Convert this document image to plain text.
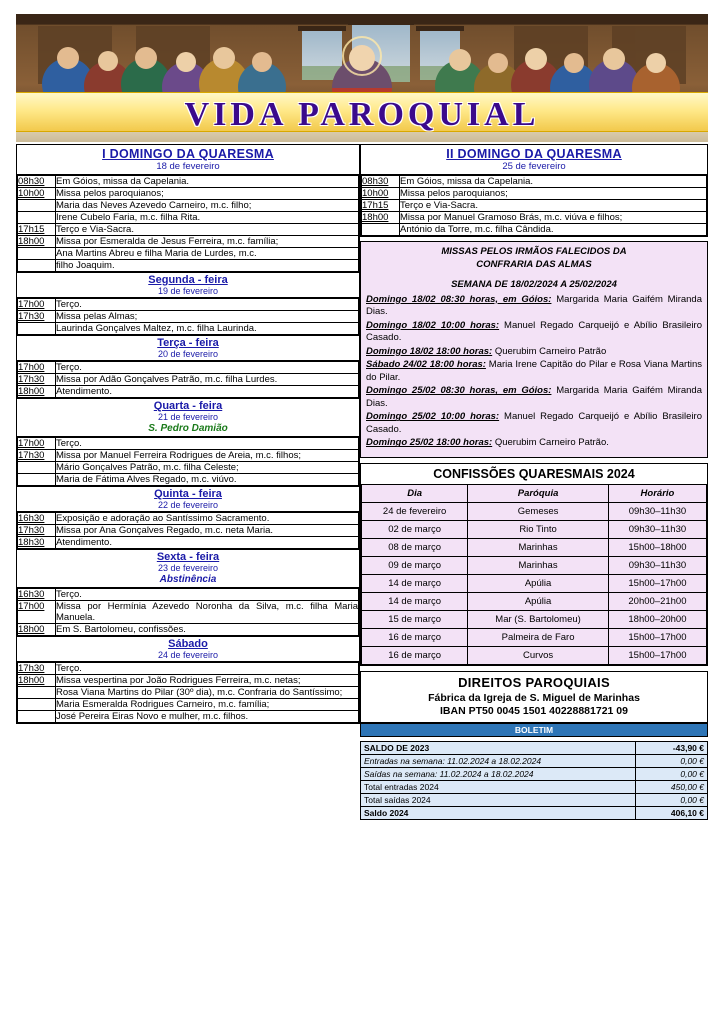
VIDA PAROQUIAL
I DOMINGO DA QUARESMA
18 de fevereiro

08h30	Em Góios, missa da Capelania.
10h00	Missa pelos paroquianos;
	Maria das Neves Azevedo Carneiro, m.c. filho;
	Irene Cubelo Faria, m.c. filha Rita.
17h15	Terço e Via-Sacra.
18h00	Missa por Esmeralda de Jesus Ferreira, m.c. família;
	Ana Martins Abreu e filha Maria de Lurdes, m.c.
	filho Joaquim.

Segunda - feira
19 de fevereiro

17h00	Terço.
17h30	Missa pelas Almas;
	Laurinda Gonçalves Maltez, m.c. filha Laurinda.

Terça - feira
20 de fevereiro

17h00	Terço.
17h30	Missa por Adão Gonçalves Patrão, m.c. filha Lurdes.
18h00	Atendimento.

Quarta - feira
21 de fevereiro
S. Pedro Damião

17h00	Terço.
17h30	Missa por Manuel Ferreira Rodrigues de Areia, m.c. filhos;
	Mário Gonçalves Patrão, m.c. filha Celeste;
	Maria de Fátima Alves Regado, m.c. viúvo.

Quinta - feira
22 de fevereiro

16h30	Exposição e adoração ao Santíssimo Sacramento.
17h30	Missa por Ana Gonçalves Regado, m.c. neta Maria.
18h30	Atendimento.

Sexta - feira
23 de fevereiro
Abstinência

16h30	Terço.
17h00	Missa por Hermínia Azevedo Noronha da Silva, m.c. filha Maria Manuela.
18h00	Em S. Bartolomeu, confissões.

Sábado
24 de fevereiro

17h30	Terço.
18h00	Missa vespertina por João Rodrigues Ferreira, m.c. netas;
	Rosa Viana Martins do Pilar (30º dia), m.c. Confraria do Santíssimo;
	Maria Esmeralda Rodrigues Carneiro, m.c. família;
	José Pereira Eiras Novo e mulher, m.c. filhos.
II DOMINGO DA QUARESMA
25 de fevereiro

08h30	Em Góios, missa da Capelania.
10h00	Missa pelos paroquianos;
17h15	Terço e Via-Sacra.
18h00	Missa por Manuel Gramoso Brás, m.c. viúva e filhos;
	António da Torre, m.c. filha Cândida.
MISSAS PELOS IRMÃOS FALECIDOS DA
CONFRARIA DAS ALMAS
SEMANA DE 18/02/2024 A 25/02/2024
Domingo 18/02 08:30 horas, em Góios: Margarida Maria Gaifém Miranda Dias.
Domingo 18/02 10:00 horas: Manuel Regado Carqueijó e Abílio Brasileiro Casado.
Domingo 18/02 18:00 horas: Querubim Carneiro Patrão
Sábado 24/02 18:00 horas: Maria Irene Capitão do Pilar e Rosa Viana Martins do Pilar.
Domingo 25/02 08:30 horas, em Góios: Margarida Maria Gaifém Miranda Dias.
Domingo 25/02 10:00 horas: Manuel Regado Carqueijó e Abílio Brasileiro Casado.
Domingo 25/02 18:00 horas: Querubim Carneiro Patrão.
CONFISSÕES QUARESMAIS 2024
Dia	Paróquia	Horário
24 de fevereiro	Gemeses	09h30–11h30
02 de março	Rio Tinto	09h30–11h30
08 de março	Marinhas	15h00–18h00
09 de março	Marinhas	09h30–11h30
14 de março	Apúlia	15h00–17h00
14 de março	Apúlia	20h00–21h00
15 de março	Mar (S. Bartolomeu)	18h00–20h00
16 de março	Palmeira de Faro	15h00–17h00
16 de março	Curvos	15h00–17h00
DIREITOS PAROQUIAIS
Fábrica da Igreja de S. Miguel de Marinhas
IBAN PT50 0045 1501 40228881721 09
BOLETIM
SALDO DE 2023	-43,90 €
Entradas na semana: 11.02.2024 a 18.02.2024	0,00 €
Saídas na semana: 11.02.2024 a 18.02.2024	0,00 €
Total entradas 2024	450,00 €
Total saídas 2024	0,00 €
Saldo 2024	406,10 €
